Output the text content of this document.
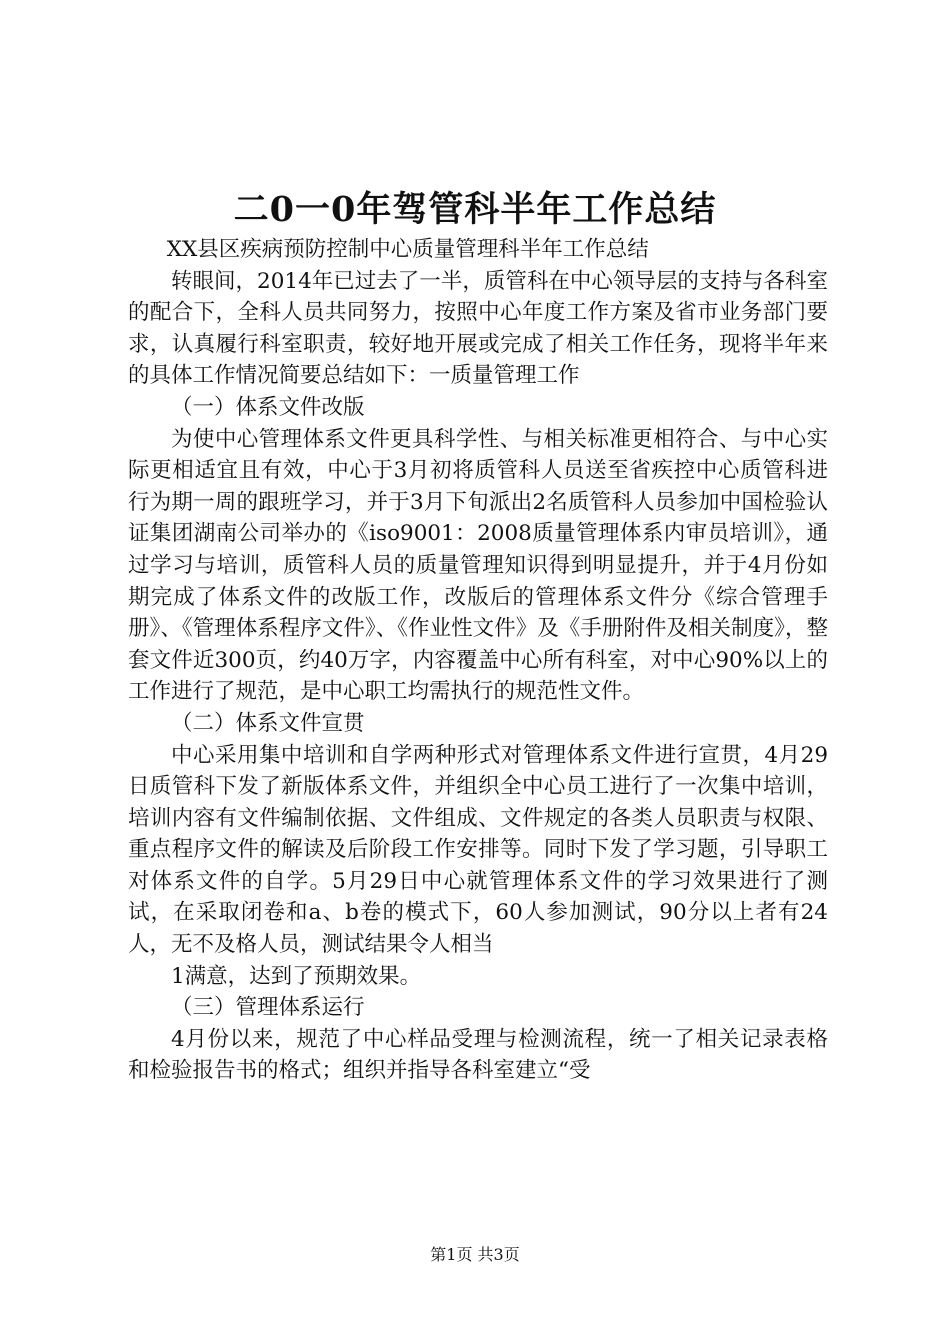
二0一0年驾管科半年工作总结

XX县区疾病预防控制中心质量管理科半年工作总结

转眼间，2014年已过去了一半，质管科在中心领导层的支持与各科室的配合下，全科人员共同努力，按照中心年度工作方案及省市业务部门要求，认真履行科室职责，较好地开展或完成了相关工作任务，现将半年来的具体工作情况简要总结如下：一质量管理工作

（一）体系文件改版

为使中心管理体系文件更具科学性、与相关标准更相符合、与中心实际更相适宜且有效，中心于3月初将质管科人员送至省疾控中心质管科进行为期一周的跟班学习，并于3月下旬派出2名质管科人员参加中国检验认证集团湖南公司举办的《iso9001：2008质量管理体系内审员培训》，通过学习与培训，质管科人员的质量管理知识得到明显提升，并于4月份如期完成了体系文件的改版工作，改版后的管理体系文件分《综合管理手册》、《管理体系程序文件》、《作业性文件》及《手册附件及相关制度》，整套文件近300页，约40万字，内容覆盖中心所有科室，对中心90%以上的工作进行了规范，是中心职工均需执行的规范性文件。

（二）体系文件宣贯

中心采用集中培训和自学两种形式对管理体系文件进行宣贯，4月29日质管科下发了新版体系文件，并组织全中心员工进行了一次集中培训，培训内容有文件编制依据、文件组成、文件规定的各类人员职责与权限、重点程序文件的解读及后阶段工作安排等。同时下发了学习题，引导职工对体系文件的自学。5月29日中心就管理体系文件的学习效果进行了测试，在采取闭卷和a、b卷的模式下，60人参加测试，90分以上者有24人，无不及格人员，测试结果令人相当

1满意，达到了预期效果。

（三）管理体系运行

4月份以来，规范了中心样品受理与检测流程，统一了相关记录表格和检验报告书的格式；组织并指导各科室建立“受

第1页 共3页
